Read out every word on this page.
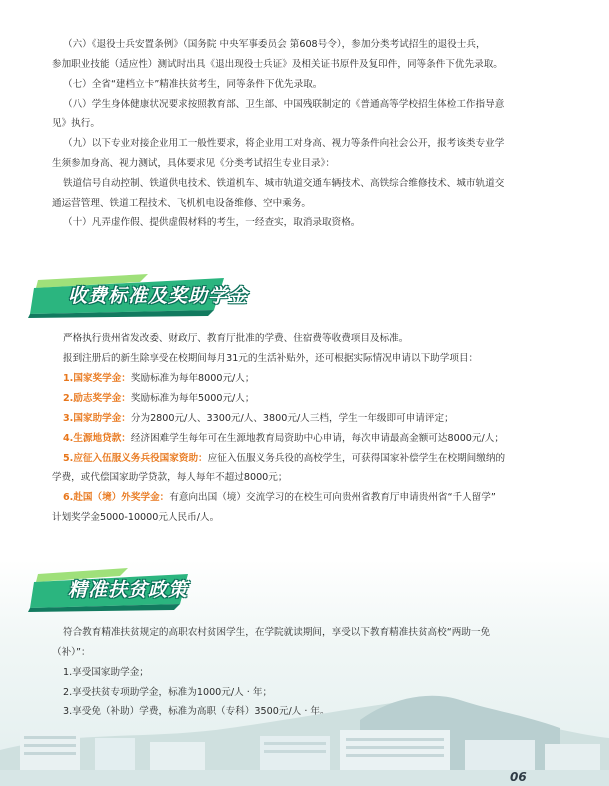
（六）《退役士兵安置条例》（国务院 中央军事委员会 第608号令），参加分类考试招生的退役士兵，

参加职业技能（适应性）测试时出具《退出现役士兵证》及相关证书原件及复印件，同等条件下优先录取。

（七）全省“建档立卡”精准扶贫考生，同等条件下优先录取。

（八）学生身体健康状况要求按照教育部、卫生部、中国残联制定的《普通高等学校招生体检工作指导意

见》执行。

（九）以下专业对接企业用工一般性要求，将企业用工对身高、视力等条件向社会公开，报考该类专业学

生须参加身高、视力测试，具体要求见《分类考试招生专业目录》：

铁道信号自动控制、铁道供电技术、铁道机车、城市轨道交通车辆技术、高铁综合维修技术、城市轨道交

通运营管理、铁道工程技术、飞机机电设备维修、空中乘务。

（十）凡弄虚作假、提供虚假材料的考生，一经查实，取消录取资格。

收费标准及奖助学金

严格执行贵州省发改委、财政厅、教育厅批准的学费、住宿费等收费项目及标准。

报到注册后的新生除享受在校期间每月31元的生活补贴外，还可根据实际情况申请以下助学项目：

1.国家奖学金：奖励标准为每年8000元/人；

2.励志奖学金：奖励标准为每年5000元/人；

3.国家助学金：分为2800元/人、3300元/人、3800元/人三档，学生一年级即可申请评定；

4.生源地贷款：经济困难学生每年可在生源地教育局资助中心申请，每次申请最高金额可达8000元/人；

5.应征入伍服义务兵役国家资助：应征入伍服义务兵役的高校学生，可获得国家补偿学生在校期间缴纳的

学费，或代偿国家助学贷款，每人每年不超过8000元；

6.赴国（境）外奖学金：有意向出国（境）交流学习的在校生可向贵州省教育厅申请贵州省“千人留学”

计划奖学金5000-10000元人民币/人。

精准扶贫政策

符合教育精准扶贫规定的高职农村贫困学生，在学院就读期间，享受以下教育精准扶贫高校“两助一免

（补）”：

1.享受国家助学金；

2.享受扶贫专项助学金，标准为1000元/人 · 年；

3.享受免（补助）学费，标准为高职（专科）3500元/人 · 年。

06
